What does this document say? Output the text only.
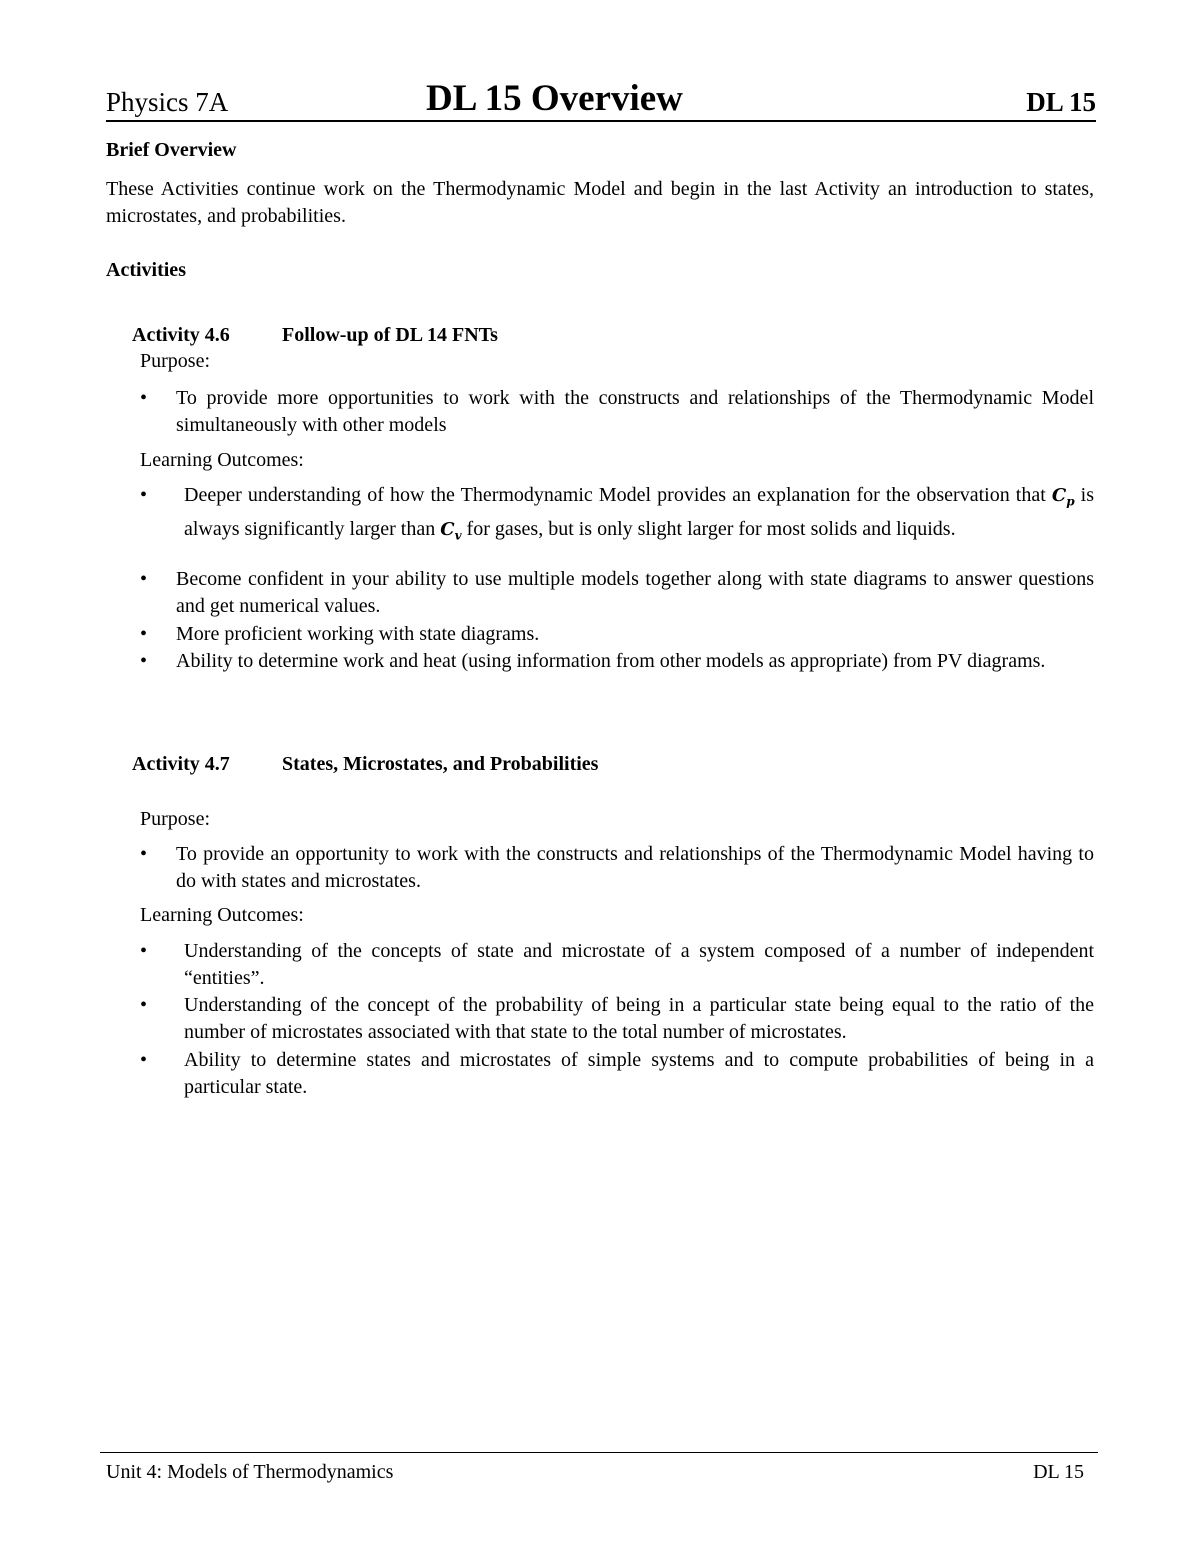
Physics 7A	DL 15 Overview	DL 15
Brief Overview
These Activities continue work on the Thermodynamic Model and begin in the last Activity an introduction to states, microstates, and probabilities.
Activities
Activity 4.6	Follow-up of DL 14 FNTs
Purpose:
• To provide more opportunities to work with the constructs and relationships of the Thermodynamic Model simultaneously with other models
Learning Outcomes:
• Deeper understanding of how the Thermodynamic Model provides an explanation for the observation that $C_p$ is always significantly larger than $C_v$ for gases, but is only slight larger for most solids and liquids.
• Become confident in your ability to use multiple models together along with state diagrams to answer questions and get numerical values.
• More proficient working with state diagrams.
• Ability to determine work and heat (using information from other models as appropriate) from PV diagrams.
Activity 4.7	States, Microstates, and Probabilities
Purpose:
• To provide an opportunity to work with the constructs and relationships of the Thermodynamic Model having to do with states and microstates.
Learning Outcomes:
• Understanding of the concepts of state and microstate of a system composed of a number of independent “entities”.
• Understanding of the concept of the probability of being in a particular state being equal to the ratio of the number of microstates associated with that state to the total number of microstates.
• Ability to determine states and microstates of simple systems and to compute probabilities of being in a particular state.
Unit 4: Models of Thermodynamics	DL 15
